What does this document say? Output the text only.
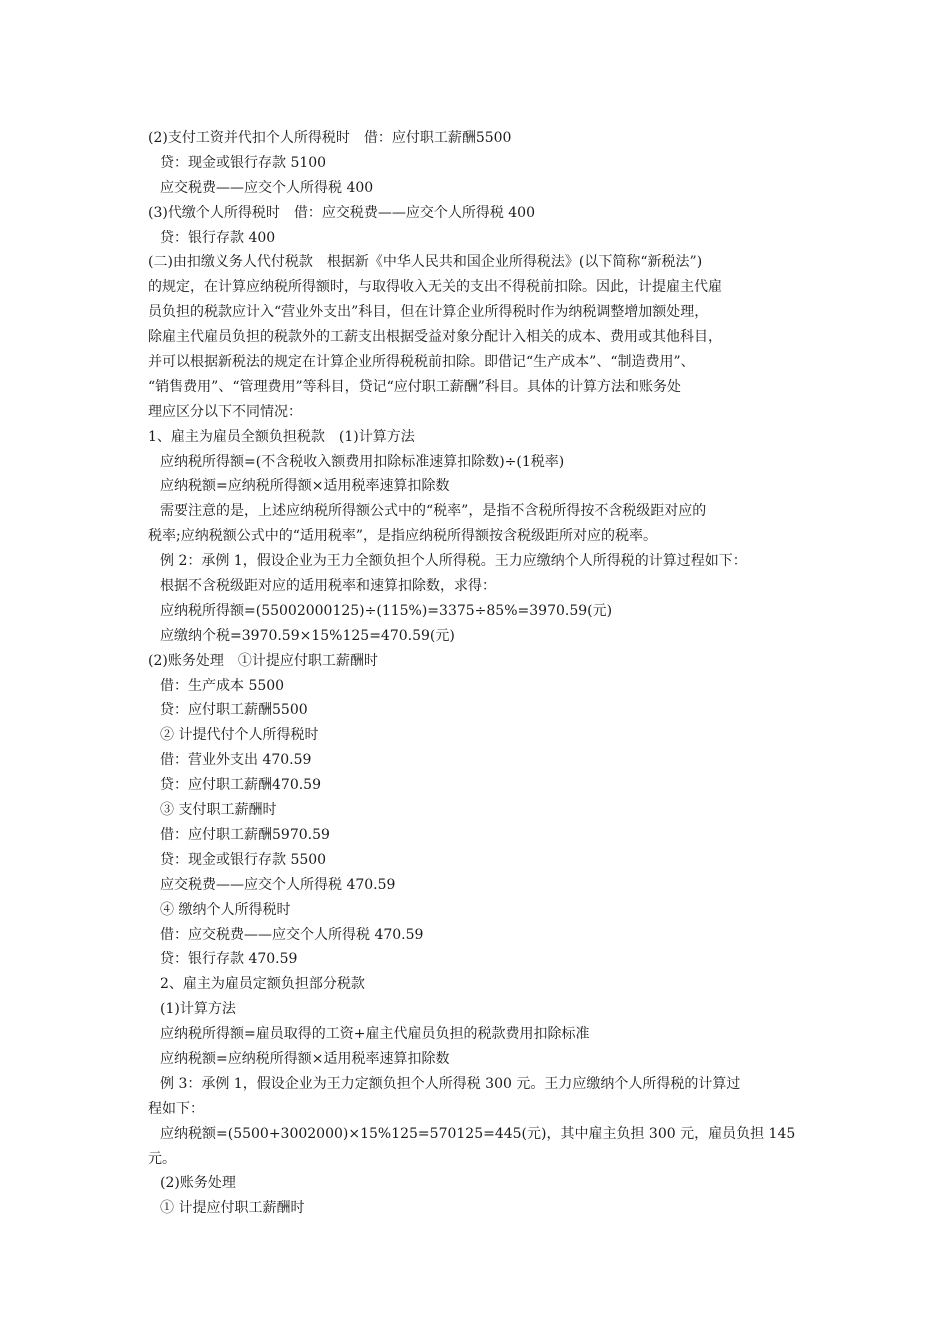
(2)支付工资并代扣个人所得税时　借：应付职工薪酬5500
贷：现金或银行存款 5100
应交税费——应交个人所得税 400
(3)代缴个人所得税时　借：应交税费——应交个人所得税 400
贷：银行存款 400
(二)由扣缴义务人代付税款　根据新《中华人民共和国企业所得税法》(以下简称“新税法”)
的规定，在计算应纳税所得额时，与取得收入无关的支出不得税前扣除。因此，计提雇主代雇
员负担的税款应计入“营业外支出”科目，但在计算企业所得税时作为纳税调整增加额处理，
除雇主代雇员负担的税款外的工薪支出根据受益对象分配计入相关的成本、费用或其他科目，
并可以根据新税法的规定在计算企业所得税税前扣除。即借记“生产成本”、“制造费用”、
“销售费用”、“管理费用”等科目，贷记“应付职工薪酬”科目。具体的计算方法和账务处
理应区分以下不同情况：
1、雇主为雇员全额负担税款　(1)计算方法
应纳税所得额=(不含税收入额费用扣除标准速算扣除数)÷(1税率)
应纳税额=应纳税所得额×适用税率速算扣除数
需要注意的是，上述应纳税所得额公式中的“税率”，是指不含税所得按不含税级距对应的
税率;应纳税额公式中的“适用税率”，是指应纳税所得额按含税级距所对应的税率。
例 2：承例 1，假设企业为王力全额负担个人所得税。王力应缴纳个人所得税的计算过程如下：
根据不含税级距对应的适用税率和速算扣除数，求得：
应纳税所得额=(55002000125)÷(115%)=3375÷85%=3970.59(元)
应缴纳个税=3970.59×15%125=470.59(元)
(2)账务处理　①计提应付职工薪酬时
借：生产成本 5500
贷：应付职工薪酬5500
② 计提代付个人所得税时
借：营业外支出 470.59
贷：应付职工薪酬470.59
③ 支付职工薪酬时
借：应付职工薪酬5970.59
贷：现金或银行存款 5500
应交税费——应交个人所得税 470.59
④ 缴纳个人所得税时
借：应交税费——应交个人所得税 470.59
贷：银行存款 470.59
2、雇主为雇员定额负担部分税款
(1)计算方法
应纳税所得额=雇员取得的工资+雇主代雇员负担的税款费用扣除标准
应纳税额=应纳税所得额×适用税率速算扣除数
例 3：承例 1，假设企业为王力定额负担个人所得税 300 元。王力应缴纳个人所得税的计算过
程如下：
应纳税额=(5500+3002000)×15%125=570125=445(元)，其中雇主负担 300 元，雇员负担 145
元。
(2)账务处理
① 计提应付职工薪酬时
